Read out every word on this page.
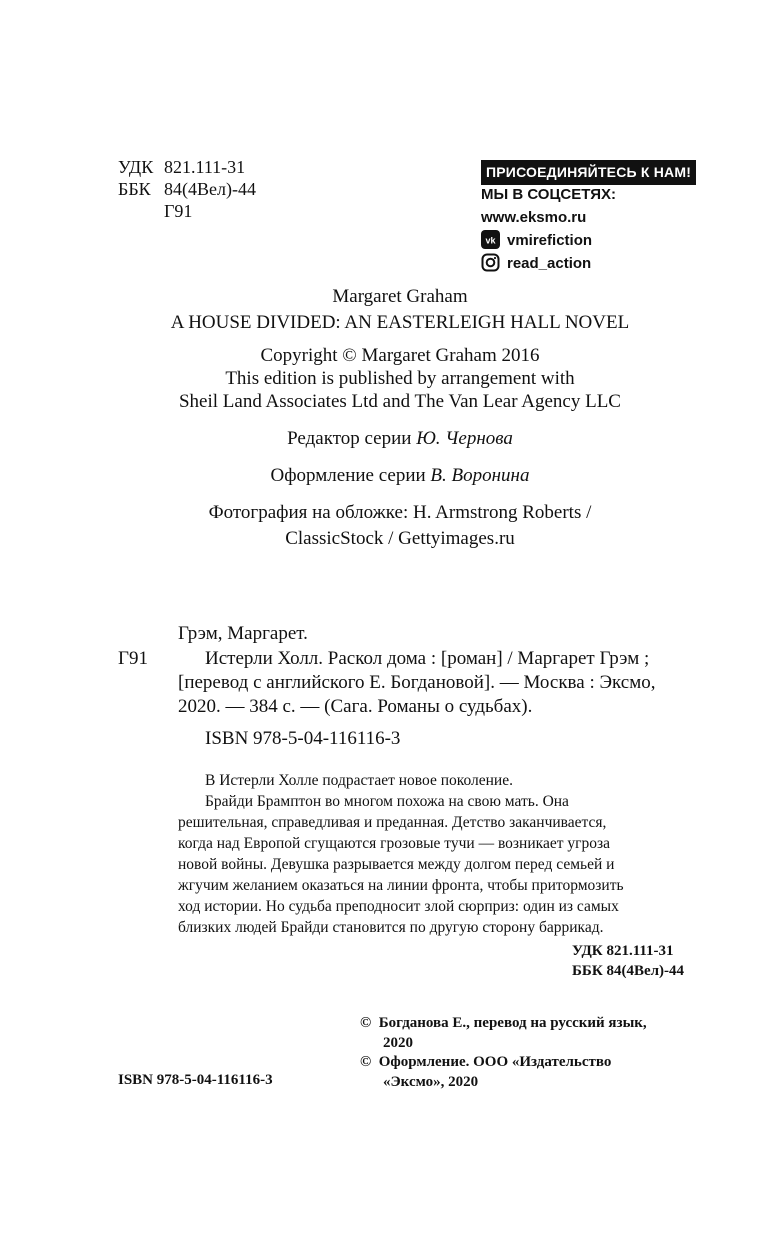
УДК 821.111-31
ББК 84(4Вел)-44
Г91
ПРИСОЕДИНЯЙТЕСЬ К НАМ!
МЫ В СОЦСЕТЯХ:
www.eksmo.ru
vk vmirefiction
read_action
Margaret Graham
A HOUSE DIVIDED: AN EASTERLEIGH HALL NOVEL
Copyright © Margaret Graham 2016
This edition is published by arrangement with
Sheil Land Associates Ltd and The Van Lear Agency LLC
Редактор серии Ю. Чернова
Оформление серии В. Воронина
Фотография на обложке: H. Armstrong Roberts /
ClassicStock / Gettyimages.ru
Грэм, Маргарет.
Г91	Истерли Холл. Раскол дома : [роман] / Маргарет Грэм ;
[перевод с английского Е. Богдановой]. — Москва : Эксмо,
2020. — 384 с. — (Сага. Романы о судьбах).
ISBN 978-5-04-116116-3
В Истерли Холле подрастает новое поколение.
Брайди Брамптон во многом похожа на свою мать. Она
решительная, справедливая и преданная. Детство заканчивается,
когда над Европой сгущаются грозовые тучи — возникает угроза
новой войны. Девушка разрывается между долгом перед семьей и
жгучим желанием оказаться на линии фронта, чтобы притормозить
ход истории. Но судьба преподносит злой сюрприз: один из самых
близких людей Брайди становится по другую сторону баррикад.
УДК 821.111-31
ББК 84(4Вел)-44
© Богданова Е., перевод на русский язык,
2020
© Оформление. ООО «Издательство
«Эксмо», 2020
ISBN 978-5-04-116116-3
